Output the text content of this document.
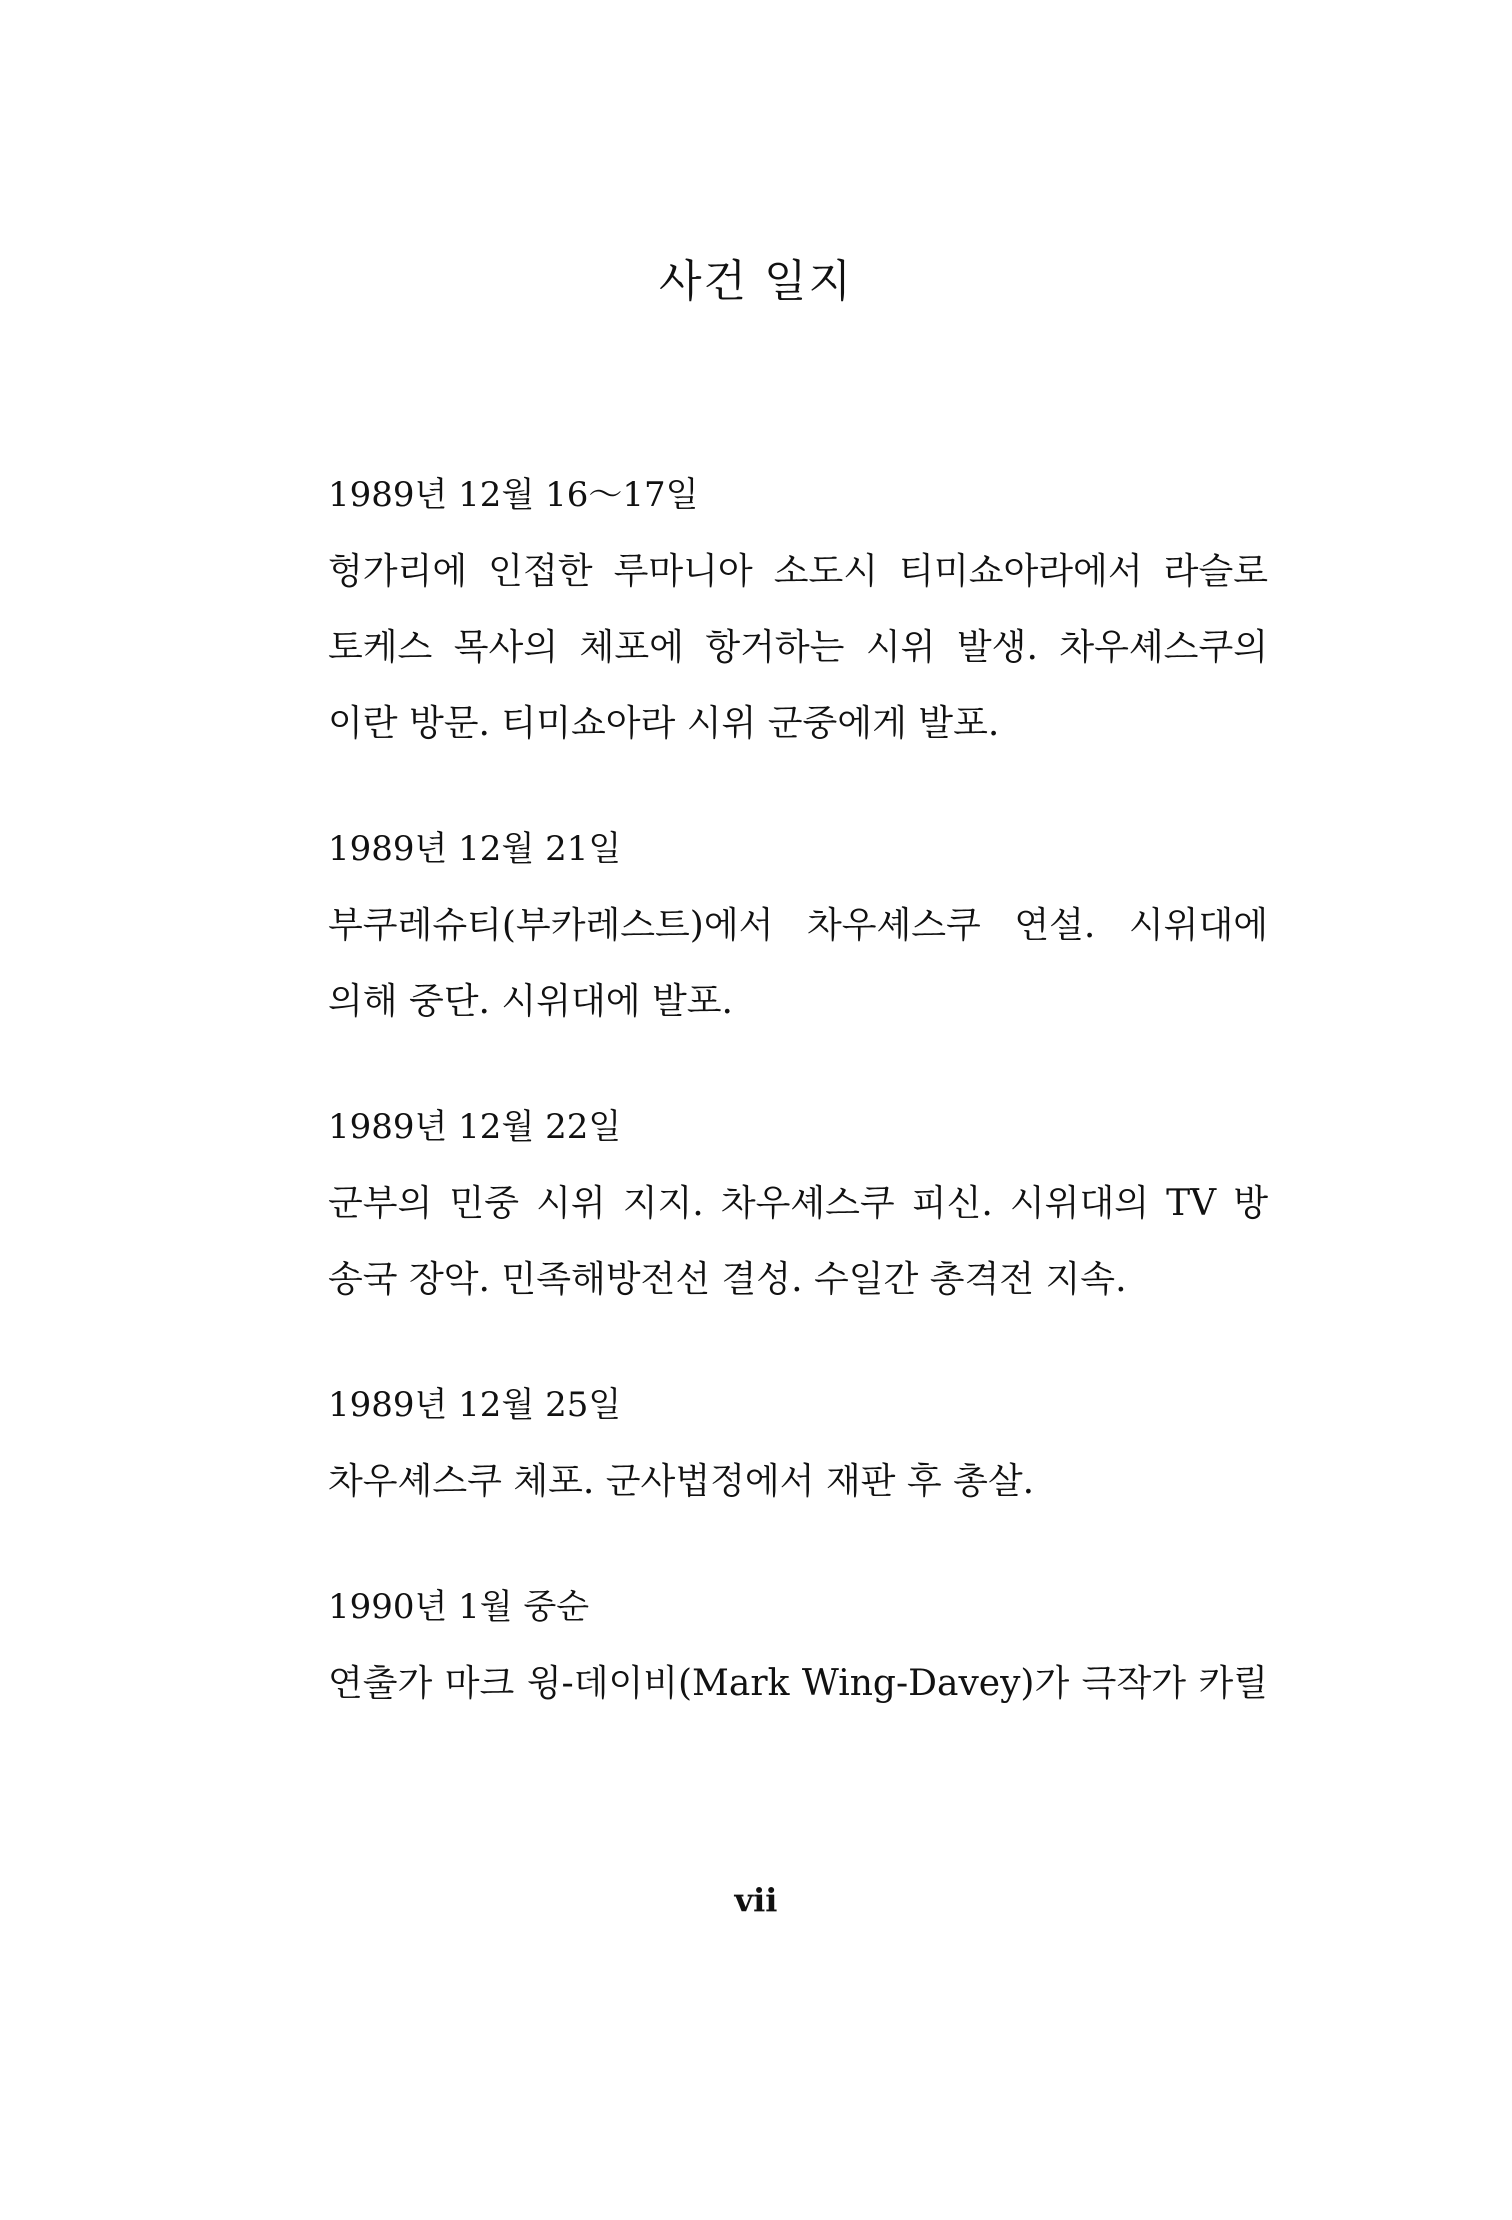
사건 일지
1989년 12월 16～17일
헝가리에 인접한 루마니아 소도시 티미쇼아라에서 라슬로
토케스 목사의 체포에 항거하는 시위 발생. 차우셰스쿠의
이란 방문. 티미쇼아라 시위 군중에게 발포.
1989년 12월 21일
부쿠레슈티(부카레스트)에서 차우셰스쿠 연설. 시위대에
의해 중단. 시위대에 발포.
1989년 12월 22일
군부의 민중 시위 지지. 차우셰스쿠 피신. 시위대의 TV 방
송국 장악. 민족해방전선 결성. 수일간 총격전 지속.
1989년 12월 25일
차우셰스쿠 체포. 군사법정에서 재판 후 총살.
1990년 1월 중순
연출가 마크 윙-데이비(Mark Wing-Davey)가 극작가 카릴
vii
